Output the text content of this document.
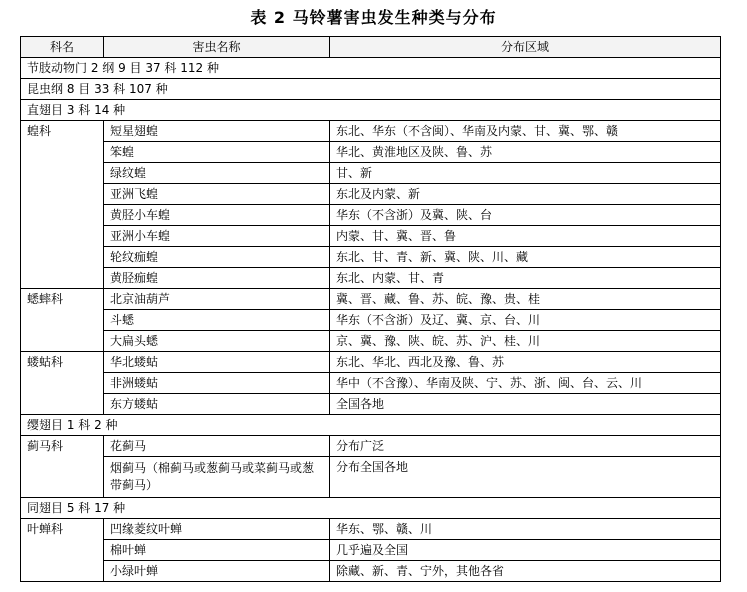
表 2 马铃薯害虫发生种类与分布
科名	害虫名称	分布区域
节肢动物门 2 纲 9 目 37 科 112 种		
昆虫纲 8 目 33 科 107 种		
直翅目 3 科 14 种		
蝗科	短星翅蝗	东北、华东（不含闽）、华南及内蒙、甘、冀、鄂、赣
	笨蝗	华北、黄淮地区及陕、鲁、苏
	绿纹蝗	甘、新
	亚洲飞蝗	东北及内蒙、新
	黄胫小车蝗	华东（不含浙）及冀、陕、台
	亚洲小车蝗	内蒙、甘、冀、晋、鲁
	轮纹痂蝗	东北、甘、青、新、冀、陕、川、藏
	黄胫痂蝗	东北、内蒙、甘、青
蟋蟀科	北京油葫芦	冀、晋、藏、鲁、苏、皖、豫、贵、桂
	斗蟋	华东（不含浙）及辽、冀、京、台、川
	大扁头蟋	京、冀、豫、陕、皖、苏、沪、桂、川
蝼蛄科	华北蝼蛄	东北、华北、西北及豫、鲁、苏
	非洲蝼蛄	华中（不含豫）、华南及陕、宁、苏、浙、闽、台、云、川
	东方蝼蛄	全国各地
缨翅目 1 科 2 种		
蓟马科	花蓟马	分布广泛
	烟蓟马（棉蓟马或葱蓟马或菜蓟马或葱带蓟马）	分布全国各地
同翅目 5 科 17 种		
叶蝉科	凹缘菱纹叶蝉	华东、鄂、赣、川
	棉叶蝉	几乎遍及全国
	小绿叶蝉	除藏、新、青、宁外，其他各省
